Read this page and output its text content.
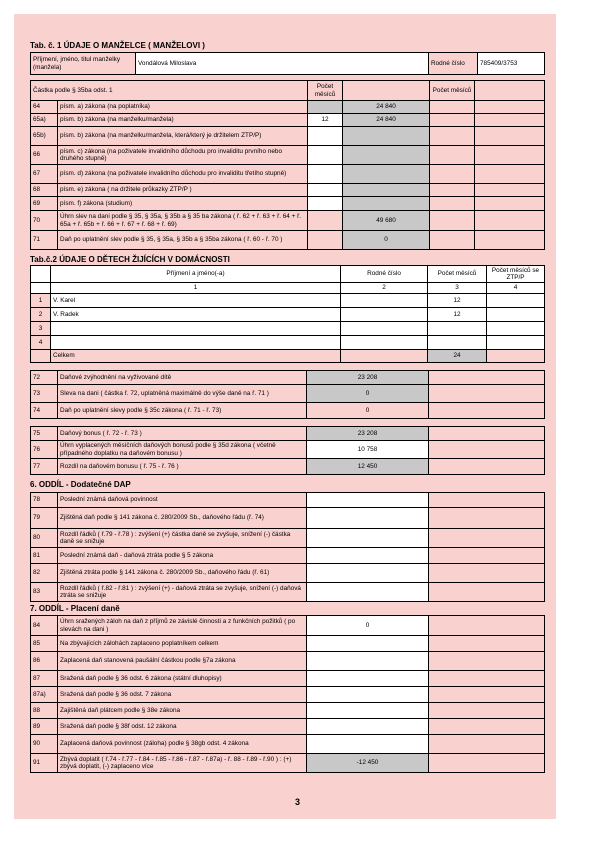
Tab. č. 1 ÚDAJE O MANŽELCE ( MANŽELOVI )
Příjmení, jméno, titul manželky (manžela)	Vondálová Miloslava	Rodné číslo	785409/3753
Částka podle § 35ba odst. 1		Počet měsíců		Počet měsíců	
64	písm. a) zákona (na poplatníka)		24 840		
65a)	písm. b) zákona (na manželku/manžela)	12	24 840		
65b)	písm. b) zákona (na manželku/manžela, která/který je držitelem ZTP/P)				
66	písm. c) zákona (na poživatele invalidního důchodu pro invaliditu prvního nebo druhého stupně)				
67	písm. d) zákona (na poživatele invalidního důchodu pro invaliditu třetího stupně)				
68	písm. e) zákona ( na držitele průkazky ZTP/P )				
69	písm. f) zákona (studium)				
70	Úhrn slev na dani podle § 35, § 35a, § 35b a § 35 ba zákona ( ř. 62 + ř. 63 + ř. 64 + ř. 65a + ř. 65b + ř. 66 + ř. 67 + ř. 68 + ř. 69)		49 680		
71	Daň po uplatnění slev podle § 35, § 35a, § 35b a § 35ba zákona ( ř. 60 - ř. 70 )		0		
Tab.č.2 ÚDAJE O DĚTECH ŽIJÍCÍCH V DOMÁCNOSTI
	Příjmení a jméno(-a)	Rodné číslo	Počet měsíců	Počet měsíců se ZTP/P
	1	2	3	4
1	V. Karel		12	
2	V. Radek		12	
3				
4				
	Celkem		24	
72	Daňové zvýhodnění na vyživované dítě	23 208	
73	Sleva na dani ( částka ř. 72, uplatněná maximálně do výše daně na ř. 71 )	0	
74	Daň po uplatnění slevy podle § 35c zákona ( ř. 71 - ř. 73)	0	
75	Daňový bonus ( ř. 72 - ř. 73 )	23 208	
76	Úhrn vyplacených měsíčních daňových bonusů podle § 35d zákona ( včetně případného doplatku na daňovém bonusu )	10 758	
77	Rozdíl na daňovém bonusu ( ř. 75 - ř. 76 )	12 450	
6. ODDÍL - Dodatečné DAP
78	Poslední známá daňová povinnost		
79	Zjištěná daň podle § 141 zákona č. 280/2009 Sb., daňového řádu (ř. 74)		
80	Rozdíl řádků ( ř.79 - ř.78 ) : zvýšení (+) částka daně se zvyšuje, snížení (-) částka daně se snižuje		
81	Poslední známá daň - daňová ztráta podle § 5 zákona		
82	Zjištěná ztráta podle § 141 zákona č. 280/2009 Sb., daňového řádu (ř. 61)		
83	Rozdíl řádků ( ř.82 - ř.81 ) : zvýšení (+) - daňová ztráta se zvyšuje, snížení (-) daňová ztráta se snižuje		
7. ODDÍL - Placení daně
84	Úhrn sražených záloh na daň z příjmů ze závislé činnosti a z funkčních požitků ( po slevách na dani )	0	
85	Na zbývajících zálohách zaplaceno poplatníkem celkem		
86	Zaplacená daň stanovená paušální částkou podle §7a zákona		
87	Sražená daň podle § 36 odst. 6 zákona (státní dluhopisy)		
87a)	Sražená daň podle § 36 odst. 7 zákona		
88	Zajištěná daň plátcem podle § 38e zákona		
89	Sražená daň podle § 38f odst. 12 zákona		
90	Zaplacená daňová povinnost (záloha) podle § 38gb odst. 4 zákona		
91	Zbývá doplatit ( ř.74 - ř.77 - ř.84 - ř.85 - ř.86 - ř.87 - ř.87a) - ř. 88 - ř.89 - ř.90 ) : (+) zbývá doplatit, (-) zaplaceno více	-12 450	
3
